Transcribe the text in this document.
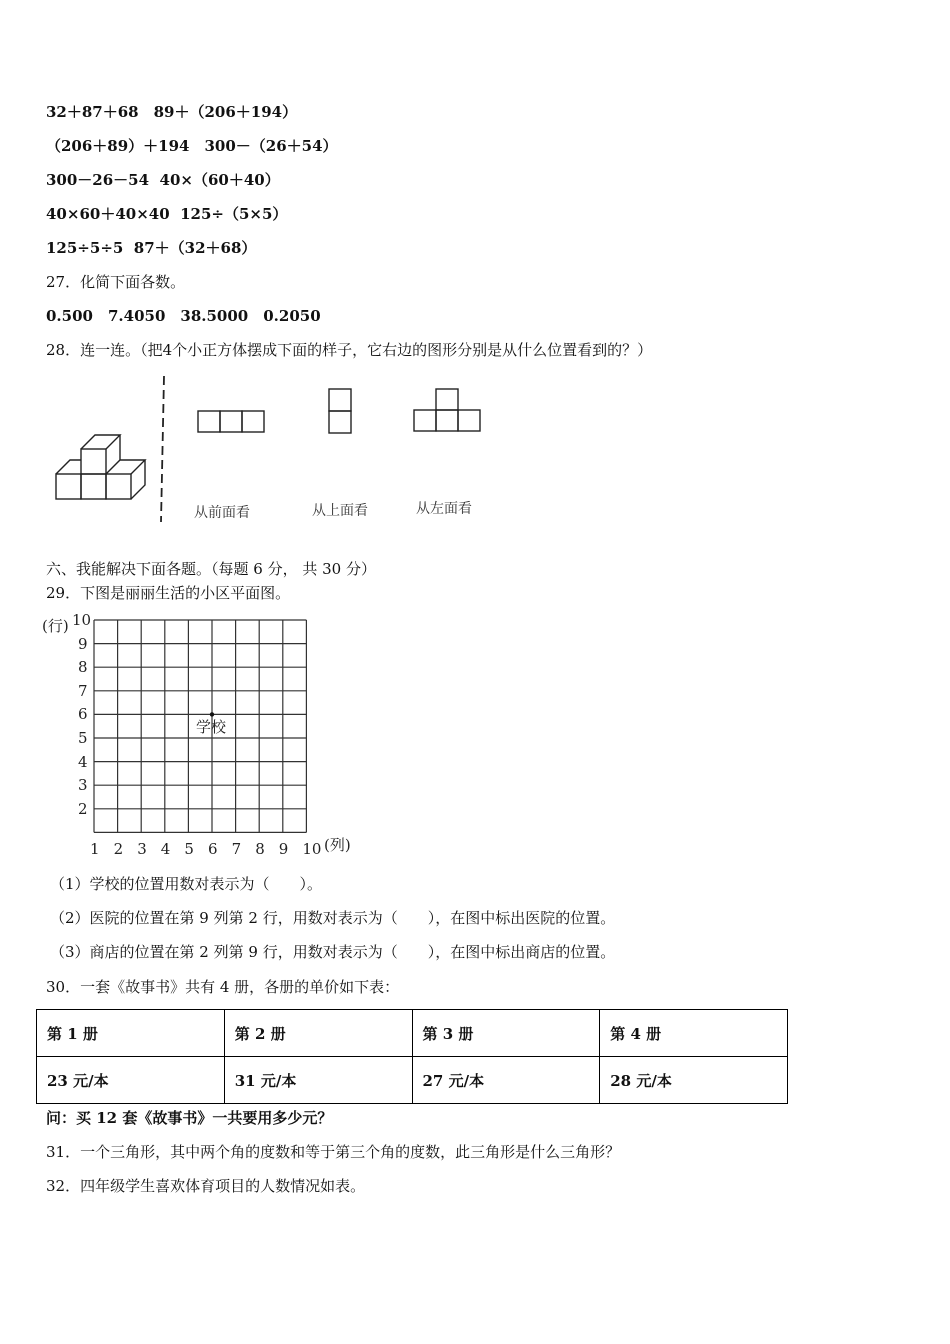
32＋87＋68　89＋（206＋194）
（206＋89）＋194　300－（26＋54）
300－26－54  40×（60＋40）
40×60＋40×40  125÷（5×5）
125÷5÷5  87＋（32＋68）
27．化简下面各数。
0.500　7.4050　38.5000　0.2050
28．连一连。（把4个小正方体摆成下面的样子，它右边的图形分别是从什么位置看到的？）
从前面看	从上面看	从左面看
六、我能解决下面各题。（每题 6 分， 共 30 分）
29．下图是丽丽生活的小区平面图。
(行)
(列)
学校
1 2 3 4 5 6 7 8 9 10
10
9
8
7
6
5
4
3
2
（1）学校的位置用数对表示为（　　）。
（2）医院的位置在第 9 列第 2 行，用数对表示为（　　），在图中标出医院的位置。
（3）商店的位置在第 2 列第 9 行，用数对表示为（　　），在图中标出商店的位置。
30．一套《故事书》共有 4 册，各册的单价如下表：
第 1 册	第 2 册	第 3 册	第 4 册
23 元/本	31 元/本	27 元/本	28 元/本
问：买 12 套《故事书》一共要用多少元？
31．一个三角形，其中两个角的度数和等于第三个角的度数，此三角形是什么三角形？
32．四年级学生喜欢体育项目的人数情况如表。
